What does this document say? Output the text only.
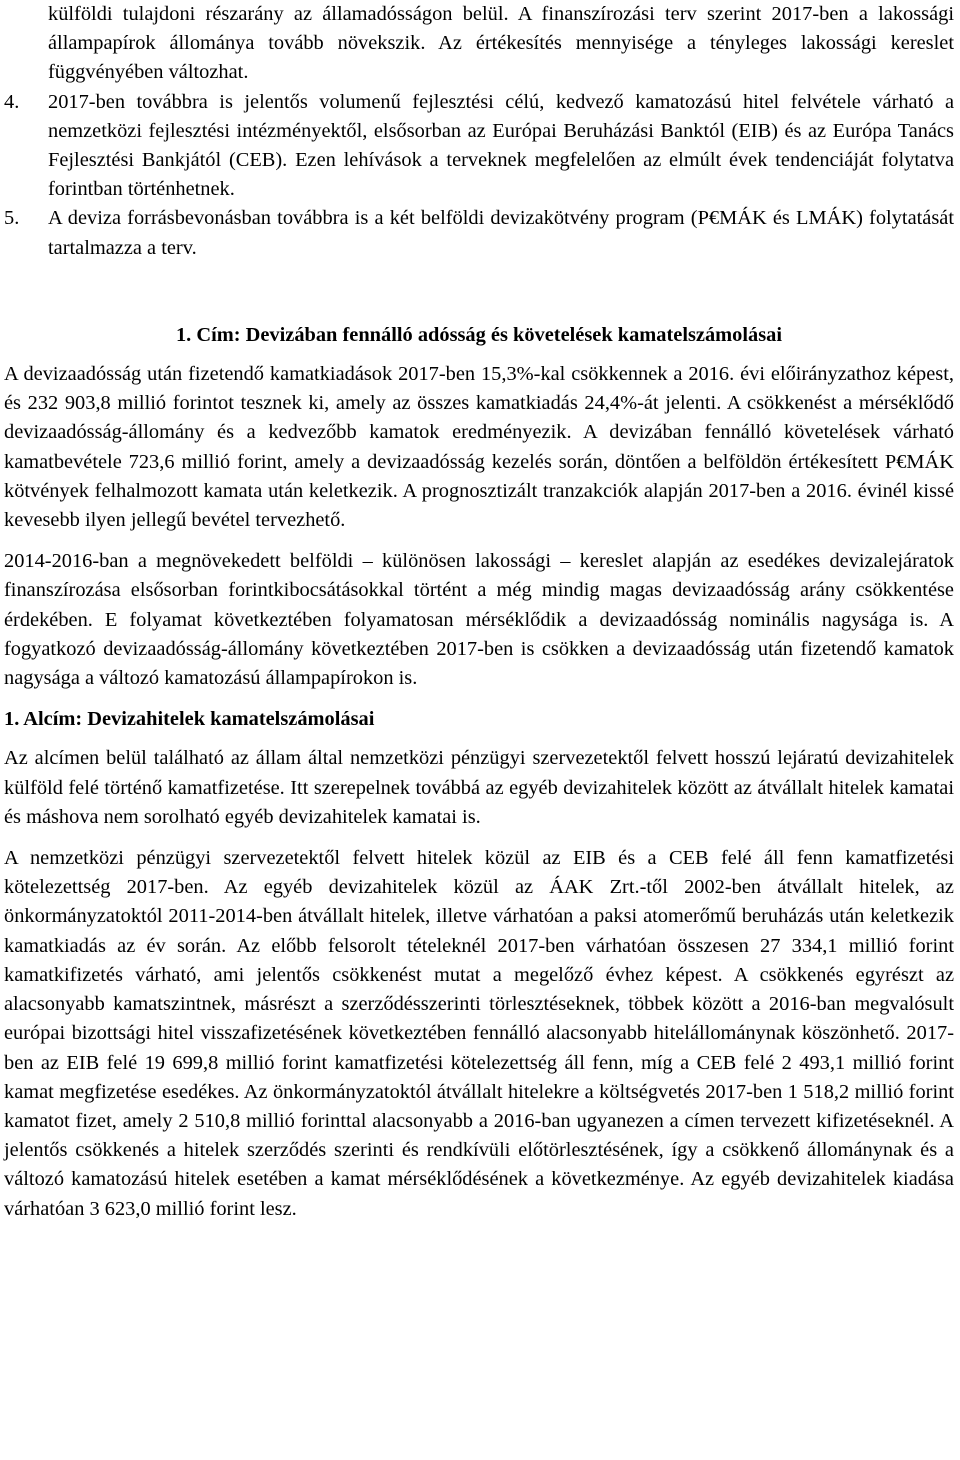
külföldi tulajdoni részarány az államadósságon belül. A finanszírozási terv szerint 2017-ben a lakossági állampapírok állománya tovább növekszik. Az értékesítés mennyisége a tényleges lakossági kereslet függvényében változhat.

4. 2017-ben továbbra is jelentős volumenű fejlesztési célú, kedvező kamatozású hitel felvétele várható a nemzetközi fejlesztési intézményektől, elsősorban az Európai Beruházási Banktól (EIB) és az Európa Tanács Fejlesztési Bankjától (CEB). Ezen lehívások a terveknek megfelelően az elmúlt évek tendenciáját folytatva forintban történhetnek.
5. A deviza forrásbevonásban továbbra is a két belföldi devizakötvény program (P€MÁK és LMÁK) folytatását tartalmazza a terv.
1. Cím: Devizában fennálló adósság és követelések kamatelszámolásai

A devizaadósság után fizetendő kamatkiadások 2017-ben 15,3%-kal csökkennek a 2016. évi előirányzathoz képest, és 232 903,8 millió forintot tesznek ki, amely az összes kamatkiadás 24,4%-át jelenti. A csökkenést a mérséklődő devizaadósság-állomány és a kedvezőbb kamatok eredményezik. A devizában fennálló követelések várható kamatbevétele 723,6 millió forint, amely a devizaadósság kezelés során, döntően a belföldön értékesített P€MÁK kötvények felhalmozott kamata után keletkezik. A prognosztizált tranzakciók alapján 2017-ben a 2016. évinél kissé kevesebb ilyen jellegű bevétel tervezhető.

2014-2016-ban a megnövekedett belföldi – különösen lakossági – kereslet alapján az esedékes devizalejáratok finanszírozása elsősorban forintkibocsátásokkal történt a még mindig magas devizaadósság arány csökkentése érdekében. E folyamat következtében folyamatosan mérséklődik a devizaadósság nominális nagysága is. A fogyatkozó devizaadósság-állomány következtében 2017-ben is csökken a devizaadósság után fizetendő kamatok nagysága a változó kamatozású állampapírokon is.

1. Alcím: Devizahitelek kamatelszámolásai

Az alcímen belül található az állam által nemzetközi pénzügyi szervezetektől felvett hosszú lejáratú devizahitelek külföld felé történő kamatfizetése. Itt szerepelnek továbbá az egyéb devizahitelek között az átvállalt hitelek kamatai és máshova nem sorolható egyéb devizahitelek kamatai is.

A nemzetközi pénzügyi szervezetektől felvett hitelek közül az EIB és a CEB felé áll fenn kamatfizetési kötelezettség 2017-ben. Az egyéb devizahitelek közül az ÁAK Zrt.-től 2002-ben átvállalt hitelek, az önkormányzatoktól 2011-2014-ben átvállalt hitelek, illetve várhatóan a paksi atomerőmű beruházás után keletkezik kamatkiadás az év során. Az előbb felsorolt tételeknél 2017-ben várhatóan összesen 27 334,1 millió forint kamatkifizetés várható, ami jelentős csökkenést mutat a megelőző évhez képest. A csökkenés egyrészt az alacsonyabb kamatszintnek, másrészt a szerződésszerinti törlesztéseknek, többek között a 2016-ban megvalósult európai bizottsági hitel visszafizetésének következtében fennálló alacsonyabb hitelállománynak köszönhető. 2017-ben az EIB felé 19 699,8 millió forint kamatfizetési kötelezettség áll fenn, míg a CEB felé 2 493,1 millió forint kamat megfizetése esedékes. Az önkormányzatoktól átvállalt hitelekre a költségvetés 2017-ben 1 518,2 millió forint kamatot fizet, amely 2 510,8 millió forinttal alacsonyabb a 2016-ban ugyanezen a címen tervezett kifizetéseknél. A jelentős csökkenés a hitelek szerződés szerinti és rendkívüli előtörlesztésének, így a csökkenő állománynak és a változó kamatozású hitelek esetében a kamat mérséklődésének a következménye. Az egyéb devizahitelek kiadása várhatóan 3 623,0 millió forint lesz.
